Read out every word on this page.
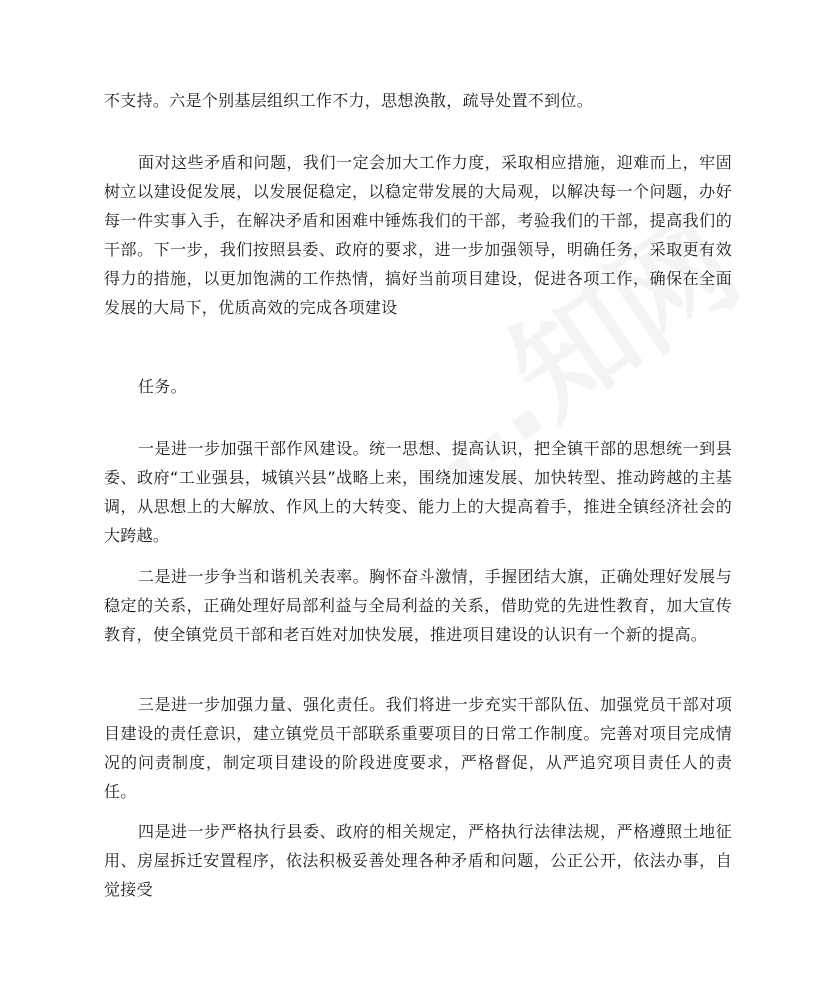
不支持。六是个别基层组织工作不力，思想涣散，疏导处置不到位。

面对这些矛盾和问题，我们一定会加大工作力度，采取相应措施，迎难而上，牢固树立以建设促发展，以发展促稳定，以稳定带发展的大局观，以解决每一个问题，办好每一件实事入手，在解决矛盾和困难中锤炼我们的干部，考验我们的干部，提高我们的干部。下一步，我们按照县委、政府的要求，进一步加强领导，明确任务，采取更有效得力的措施，以更加饱满的工作热情，搞好当前项目建设，促进各项工作，确保在全面发展的大局下，优质高效的完成各项建设

任务。

一是进一步加强干部作风建设。统一思想、提高认识，把全镇干部的思想统一到县委、政府“工业强县，城镇兴县”战略上来，围绕加速发展、加快转型、推动跨越的主基调，从思想上的大解放、作风上的大转变、能力上的大提高着手，推进全镇经济社会的大跨越。

二是进一步争当和谐机关表率。胸怀奋斗激情，手握团结大旗，正确处理好发展与稳定的关系，正确处理好局部利益与全局利益的关系，借助党的先进性教育，加大宣传教育，使全镇党员干部和老百姓对加快发展，推进项目建设的认识有一个新的提高。

三是进一步加强力量、强化责任。我们将进一步充实干部队伍、加强党员干部对项目建设的责任意识，建立镇党员干部联系重要项目的日常工作制度。完善对项目完成情况的问责制度，制定项目建设的阶段进度要求，严格督促，从严追究项目责任人的责任。

四是进一步严格执行县委、政府的相关规定，严格执行法律法规，严格遵照土地征用、房屋拆迁安置程序，依法积极妥善处理各种矛盾和问题，公正公开，依法办事，自觉接受
